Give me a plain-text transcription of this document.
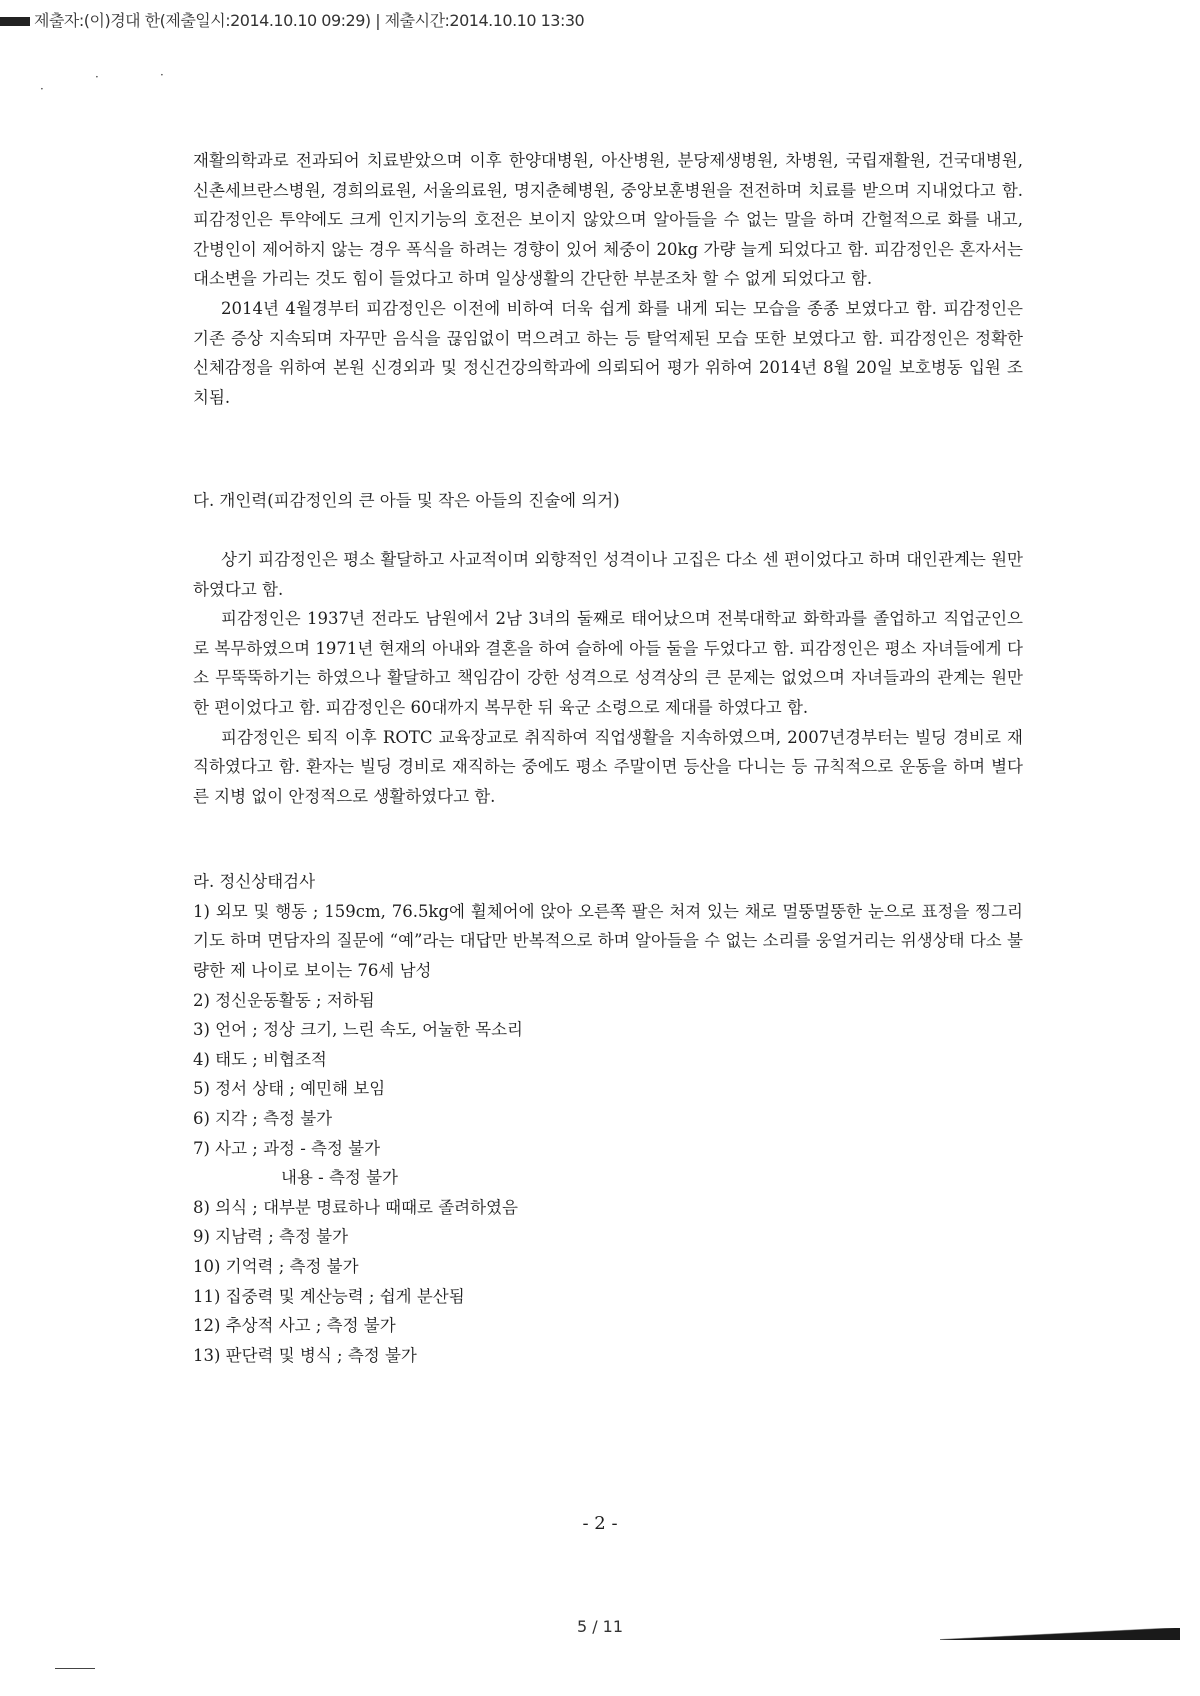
제출자:(이)경대 한(제출일시:2014.10.10 09:29) | 제출시간:2014.10.10 13:30
·	·
·

재활의학과로 전과되어 치료받았으며 이후 한양대병원, 아산병원, 분당제생병원, 차병원, 국립재활원, 건국대병원, 신촌세브란스병원, 경희의료원, 서울의료원, 명지춘혜병원, 중앙보훈병원을 전전하며 치료를 받으며 지내었다고 함. 피감정인은 투약에도 크게 인지기능의 호전은 보이지 않았으며 알아들을 수 없는 말을 하며 간헐적으로 화를 내고, 간병인이 제어하지 않는 경우 폭식을 하려는 경향이 있어 체중이 20kg 가량 늘게 되었다고 함. 피감정인은 혼자서는 대소변을 가리는 것도 힘이 들었다고 하며 일상생활의 간단한 부분조차 할 수 없게 되었다고 함.

2014년 4월경부터 피감정인은 이전에 비하여 더욱 쉽게 화를 내게 되는 모습을 종종 보였다고 함. 피감정인은 기존 증상 지속되며 자꾸만 음식을 끊임없이 먹으려고 하는 등 탈억제된 모습 또한 보였다고 함. 피감정인은 정확한 신체감정을 위하여 본원 신경외과 및 정신건강의학과에 의뢰되어 평가 위하여 2014년 8월 20일 보호병동 입원 조치됨.

다. 개인력(피감정인의 큰 아들 및 작은 아들의 진술에 의거)

상기 피감정인은 평소 활달하고 사교적이며 외향적인 성격이나 고집은 다소 센 편이었다고 하며 대인관계는 원만하였다고 함.

피감정인은 1937년 전라도 남원에서 2남 3녀의 둘째로 태어났으며 전북대학교 화학과를 졸업하고 직업군인으로 복무하였으며 1971년 현재의 아내와 결혼을 하여 슬하에 아들 둘을 두었다고 함. 피감정인은 평소 자녀들에게 다소 무뚝뚝하기는 하였으나 활달하고 책임감이 강한 성격으로 성격상의 큰 문제는 없었으며 자녀들과의 관계는 원만한 편이었다고 함. 피감정인은 60대까지 복무한 뒤 육군 소령으로 제대를 하였다고 함.

피감정인은 퇴직 이후 ROTC 교육장교로 취직하여 직업생활을 지속하였으며, 2007년경부터는 빌딩 경비로 재직하였다고 함. 환자는 빌딩 경비로 재직하는 중에도 평소 주말이면 등산을 다니는 등 규칙적으로 운동을 하며 별다른 지병 없이 안정적으로 생활하였다고 함.

라. 정신상태검사

1) 외모 및 행동 ; 159cm, 76.5kg에 휠체어에 앉아 오른쪽 팔은 처져 있는 채로 멀뚱멀뚱한 눈으로 표정을 찡그리기도 하며 면담자의 질문에 “예”라는 대답만 반복적으로 하며 알아들을 수 없는 소리를 웅얼거리는 위생상태 다소 불량한 제 나이로 보이는 76세 남성

2) 정신운동활동 ; 저하됨

3) 언어 ; 정상 크기, 느린 속도, 어눌한 목소리

4) 태도 ; 비협조적

5) 정서 상태 ; 예민해 보임

6) 지각 ; 측정 불가

7) 사고 ; 과정 - 측정 불가

내용 - 측정 불가

8) 의식 ; 대부분 명료하나 때때로 졸려하였음

9) 지남력 ; 측정 불가

10) 기억력 ; 측정 불가

11) 집중력 및 계산능력 ; 쉽게 분산됨

12) 추상적 사고 ; 측정 불가

13) 판단력 및 병식 ; 측정 불가

- 2 -
5 / 11
